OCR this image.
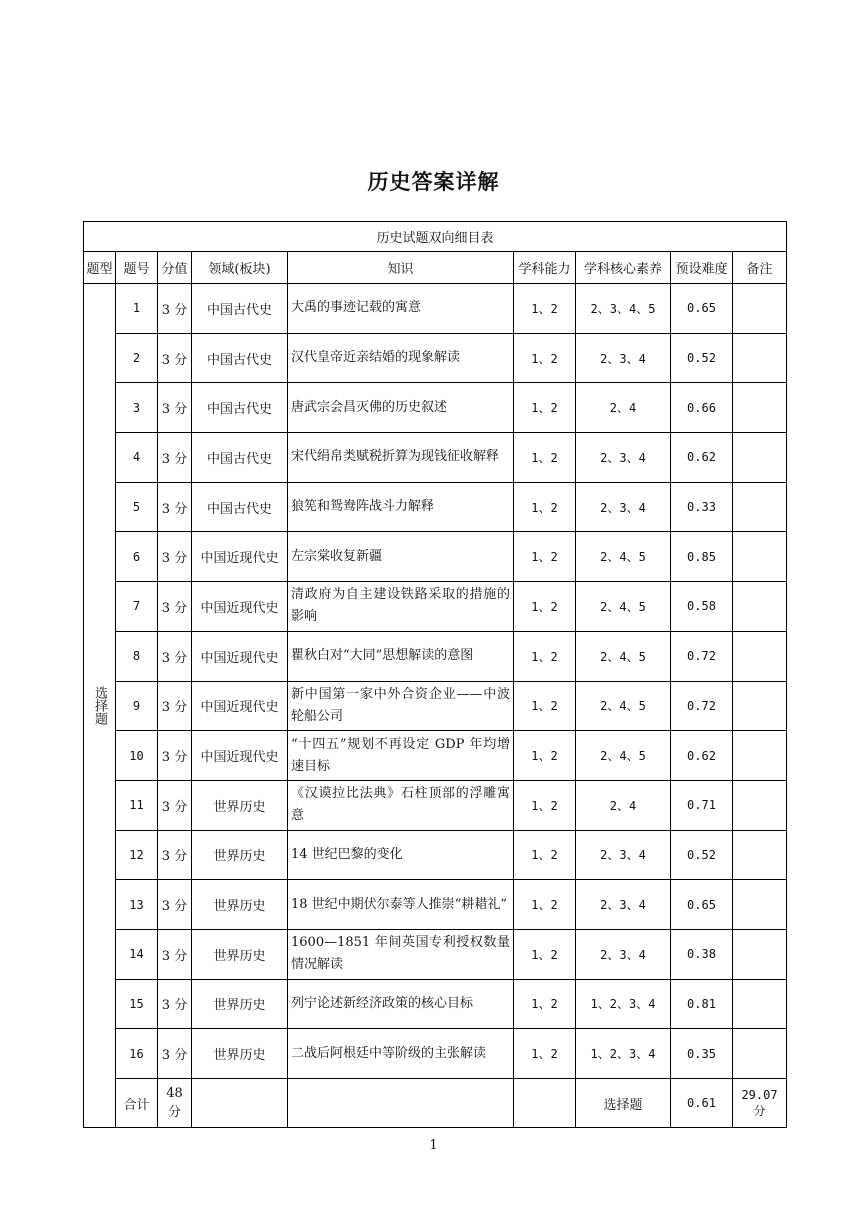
历史答案详解
历史试题双向细目表								
题型	题号	分值	领域(板块)	知识	学科能力	学科核心素养	预设难度	备注
选择题	1	3 分	中国古代史	大禹的事迹记载的寓意	1、2	2、3、4、5	0.65	
	2	3 分	中国古代史	汉代皇帝近亲结婚的现象解读	1、2	2、3、4	0.52	
	3	3 分	中国古代史	唐武宗会昌灭佛的历史叙述	1、2	2、4	0.66	
	4	3 分	中国古代史	宋代绢帛类赋税折算为现钱征收解释	1、2	2、3、4	0.62	
	5	3 分	中国古代史	狼筅和鸳鸯阵战斗力解释	1、2	2、3、4	0.33	
	6	3 分	中国近现代史	左宗棠收复新疆	1、2	2、4、5	0.85	
	7	3 分	中国近现代史	清政府为自主建设铁路采取的措施的影响	1、2	2、4、5	0.58	
	8	3 分	中国近现代史	瞿秋白对“大同”思想解读的意图	1、2	2、4、5	0.72	
	9	3 分	中国近现代史	新中国第一家中外合资企业——中波轮船公司	1、2	2、4、5	0.72	
	10	3 分	中国近现代史	“十四五”规划不再设定 GDP 年均增速目标	1、2	2、4、5	0.62	
	11	3 分	世界历史	《汉谟拉比法典》石柱顶部的浮雕寓意	1、2	2、4	0.71	
	12	3 分	世界历史	14 世纪巴黎的变化	1、2	2、3、4	0.52	
	13	3 分	世界历史	18 世纪中期伏尔泰等人推崇“耕耤礼”	1、2	2、3、4	0.65	
	14	3 分	世界历史	1600—1851 年间英国专利授权数量情况解读	1、2	2、3、4	0.38	
	15	3 分	世界历史	列宁论述新经济政策的核心目标	1、2	1、2、3、4	0.81	
	16	3 分	世界历史	二战后阿根廷中等阶级的主张解读	1、2	1、2、3、4	0.35	
	合计	48 分				选择题	0.61	29.07 分
1
